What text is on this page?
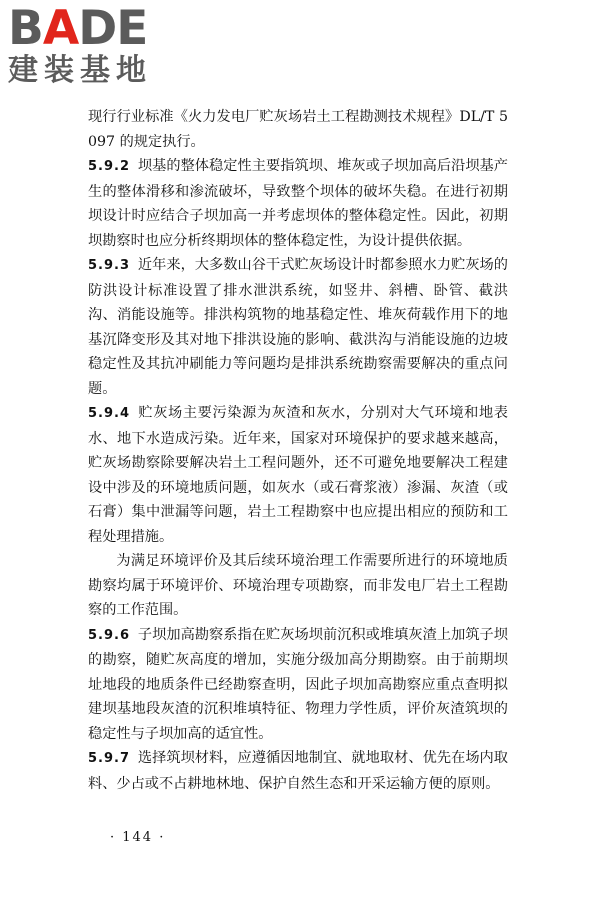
BADE
建装基地

现行行业标准《火力发电厂贮灰场岩土工程勘测技术规程》DL/T 5097 的规定执行。

5.9.2 坝基的整体稳定性主要指筑坝、堆灰或子坝加高后沿坝基产生的整体滑移和渗流破坏，导致整个坝体的破坏失稳。在进行初期坝设计时应结合子坝加高一并考虑坝体的整体稳定性。因此，初期坝勘察时也应分析终期坝体的整体稳定性，为设计提供依据。

5.9.3 近年来，大多数山谷干式贮灰场设计时都参照水力贮灰场的防洪设计标准设置了排水泄洪系统，如竖井、斜槽、卧管、截洪沟、消能设施等。排洪构筑物的地基稳定性、堆灰荷载作用下的地基沉降变形及其对地下排洪设施的影响、截洪沟与消能设施的边坡稳定性及其抗冲刷能力等问题均是排洪系统勘察需要解决的重点问题。

5.9.4 贮灰场主要污染源为灰渣和灰水，分别对大气环境和地表水、地下水造成污染。近年来，国家对环境保护的要求越来越高，贮灰场勘察除要解决岩土工程问题外，还不可避免地要解决工程建设中涉及的环境地质问题，如灰水（或石膏浆液）渗漏、灰渣（或石膏）集中泄漏等问题，岩土工程勘察中也应提出相应的预防和工程处理措施。

为满足环境评价及其后续环境治理工作需要所进行的环境地质勘察均属于环境评价、环境治理专项勘察，而非发电厂岩土工程勘察的工作范围。

5.9.6 子坝加高勘察系指在贮灰场坝前沉积或堆填灰渣上加筑子坝的勘察，随贮灰高度的增加，实施分级加高分期勘察。由于前期坝址地段的地质条件已经勘察查明，因此子坝加高勘察应重点查明拟建坝基地段灰渣的沉积堆填特征、物理力学性质，评价灰渣筑坝的稳定性与子坝加高的适宜性。

5.9.7 选择筑坝材料，应遵循因地制宜、就地取材、优先在场内取料、少占或不占耕地林地、保护自然生态和开采运输方便的原则。

· 144 ·
